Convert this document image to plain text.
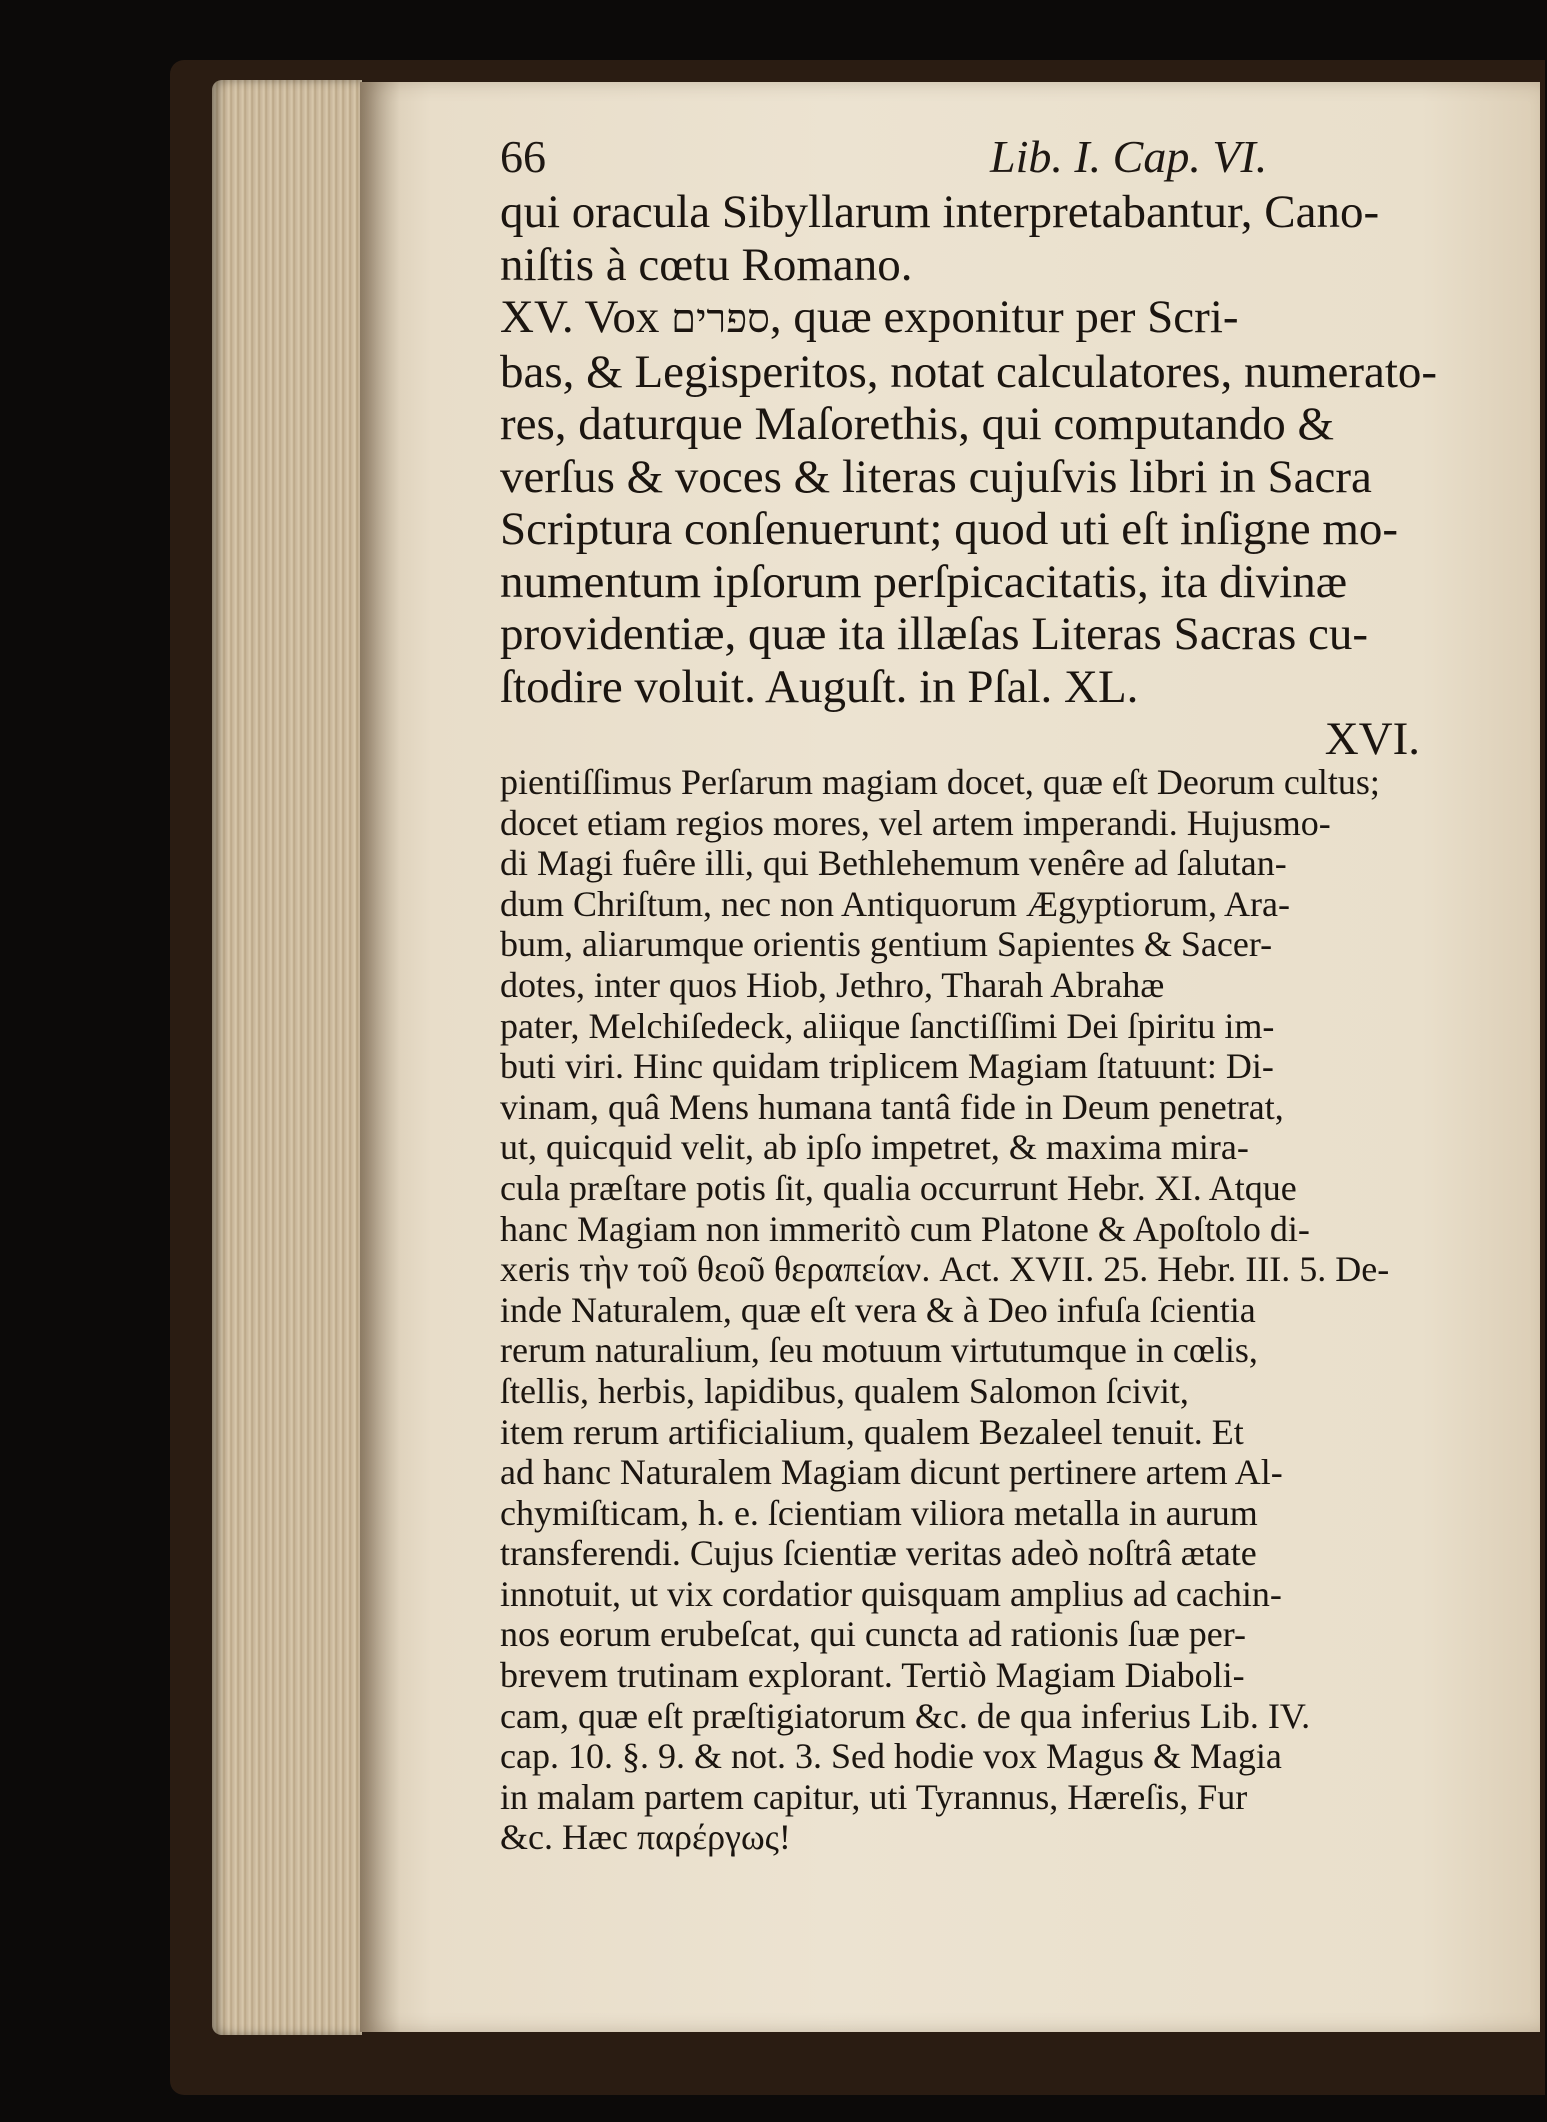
66	Lib. I. Cap. VI.
qui oracula Sibyllarum interpretabantur, Cano-
niſtis à cœtu Romano.
XV. Vox ספרים, quæ exponitur per Scri-
bas, & Legisperitos, notat calculatores, numerato-
res, daturque Maſorethis, qui computando &
verſus & voces & literas cujuſvis libri in Sacra
Scriptura conſenuerunt; quod uti eſt inſigne mo-
numentum ipſorum perſpicacitatis, ita divinæ
providentiæ, quæ ita illæſas Literas Sacras cu-
ſtodire voluit. Auguſt. in Pſal. XL.
XVI.
pientiſſimus Perſarum magiam docet, quæ eſt Deorum cultus;
docet etiam regios mores, vel artem imperandi. Hujusmo-
di Magi fuêre illi, qui Bethlehemum venêre ad ſalutan-
dum Chriſtum, nec non Antiquorum Ægyptiorum, Ara-
bum, aliarumque orientis gentium Sapientes & Sacer-
dotes, inter quos Hiob, Jethro, Tharah Abrahæ
pater, Melchiſedeck, aliique ſanctiſſimi Dei ſpiritu im-
buti viri. Hinc quidam triplicem Magiam ſtatuunt: Di-
vinam, quâ Mens humana tantâ fide in Deum penetrat,
ut, quicquid velit, ab ipſo impetret, & maxima mira-
cula præſtare potis ſit, qualia occurrunt Hebr. XI. Atque
hanc Magiam non immeritò cum Platone & Apoſtolo di-
xeris τὴν τοῦ θεοῦ θεραπείαν. Act. XVII. 25. Hebr. III. 5. De-
inde Naturalem, quæ eſt vera & à Deo infuſa ſcientia
rerum naturalium, ſeu motuum virtutumque in cœlis,
ſtellis, herbis, lapidibus, qualem Salomon ſcivit,
item rerum artificialium, qualem Bezaleel tenuit. Et
ad hanc Naturalem Magiam dicunt pertinere artem Al-
chymiſticam, h. e. ſcientiam viliora metalla in aurum
transferendi. Cujus ſcientiæ veritas adeò noſtrâ ætate
innotuit, ut vix cordatior quisquam amplius ad cachin-
nos eorum erubeſcat, qui cuncta ad rationis ſuæ per-
brevem trutinam explorant. Tertiò Magiam Diaboli-
cam, quæ eſt præſtigiatorum &c. de qua inferius Lib. IV.
cap. 10. §. 9. & not. 3. Sed hodie vox Magus & Magia
in malam partem capitur, uti Tyrannus, Hæreſis, Fur
&c. Hæc παρέργως!
